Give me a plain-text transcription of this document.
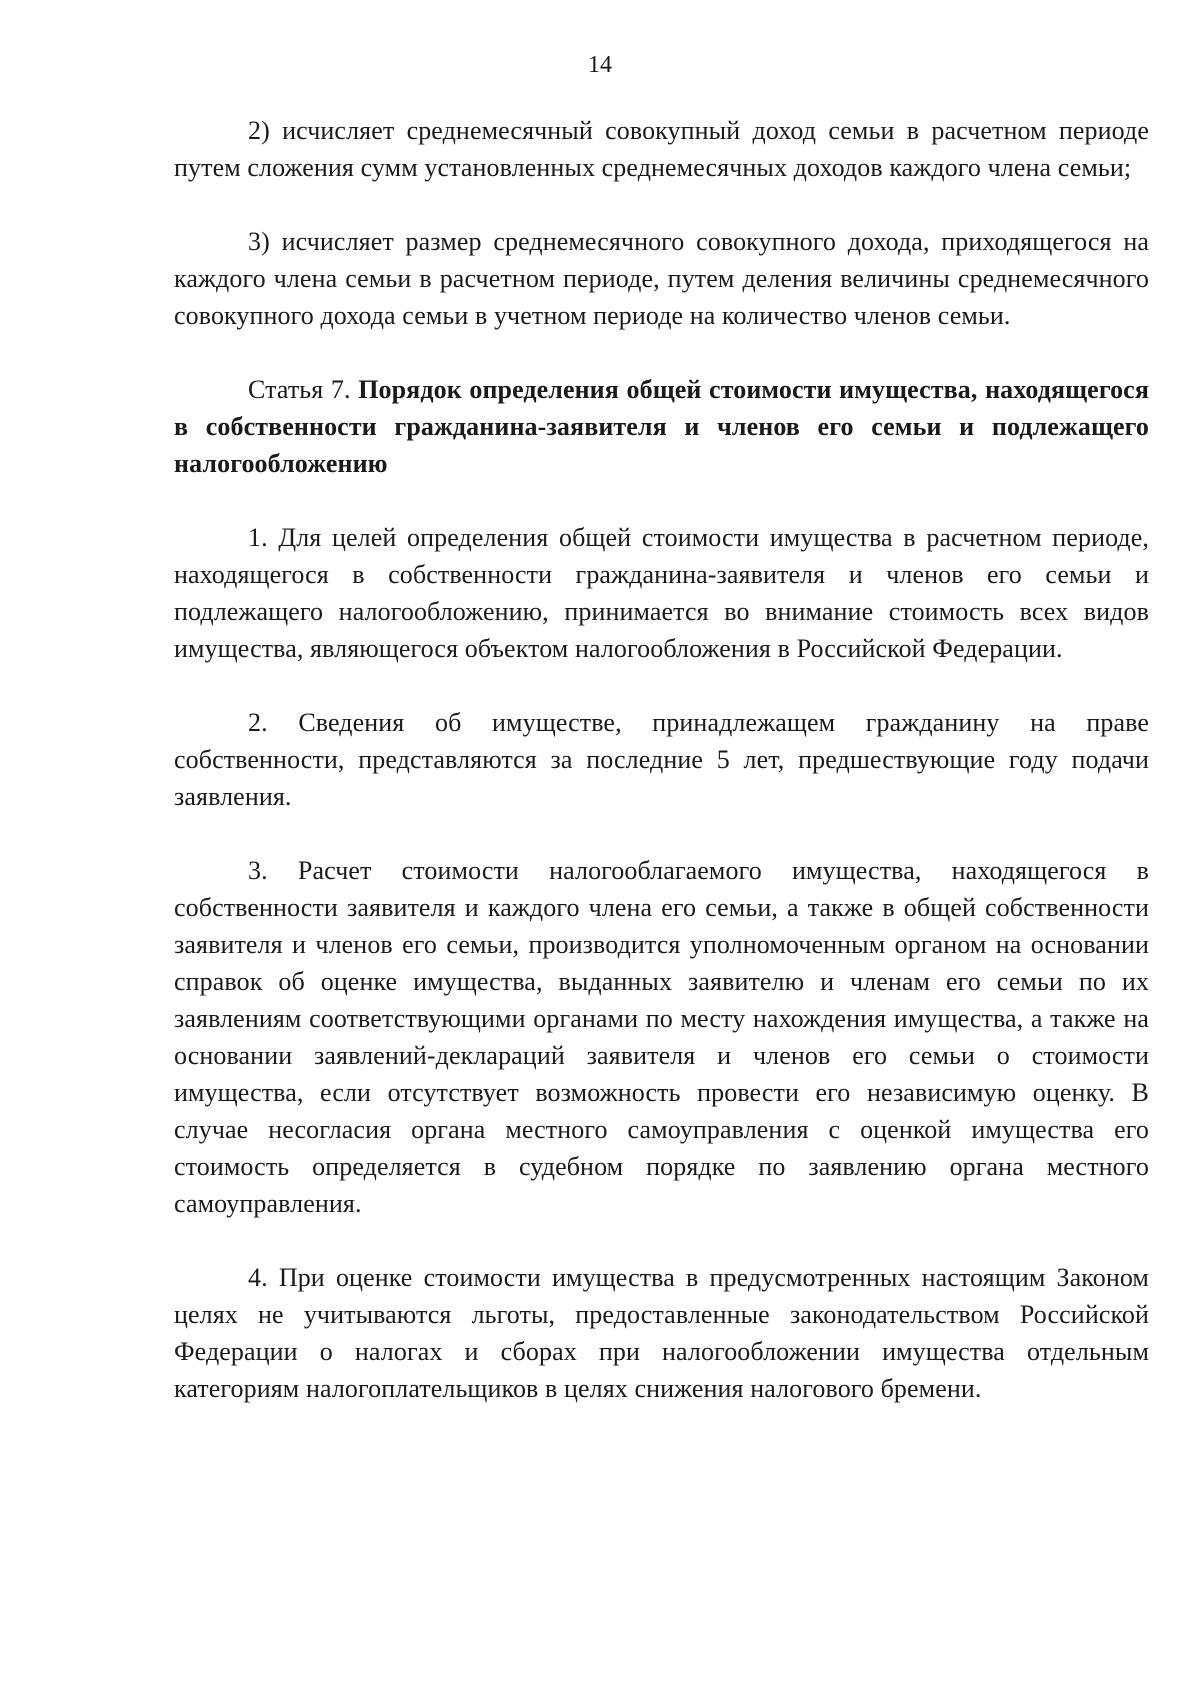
14

2) исчисляет среднемесячный совокупный доход семьи в расчетном периоде путем сложения сумм установленных среднемесячных доходов каждого члена семьи;

3) исчисляет размер среднемесячного совокупного дохода, приходящегося на каждого члена семьи в расчетном периоде, путем деления величины среднемесячного совокупного дохода семьи в учетном периоде на количество членов семьи.

Статья 7. Порядок определения общей стоимости имущества, находящегося в собственности гражданина-заявителя и членов его семьи и подлежащего налогообложению

1. Для целей определения общей стоимости имущества в расчетном периоде, находящегося в собственности гражданина-заявителя и членов его семьи и подлежащего налогообложению, принимается во внимание стоимость всех видов имущества, являющегося объектом налогообложения в Российской Федерации.

2. Сведения об имуществе, принадлежащем гражданину на праве собственности, представляются за последние 5 лет, предшествующие году подачи заявления.

3. Расчет стоимости налогооблагаемого имущества, находящегося в собственности заявителя и каждого члена его семьи, а также в общей собственности заявителя и членов его семьи, производится уполномоченным органом на основании справок об оценке имущества, выданных заявителю и членам его семьи по их заявлениям соответствующими органами по месту нахождения имущества, а также на основании заявлений-деклараций заявителя и членов его семьи о стоимости имущества, если отсутствует возможность провести его независимую оценку. В случае несогласия органа местного самоуправления с оценкой имущества его стоимость определяется в судебном порядке по заявлению органа местного самоуправления.

4. При оценке стоимости имущества в предусмотренных настоящим Законом целях не учитываются льготы, предоставленные законодательством Российской Федерации о налогах и сборах при налогообложении имущества отдельным категориям налогоплательщиков в целях снижения налогового бремени.
